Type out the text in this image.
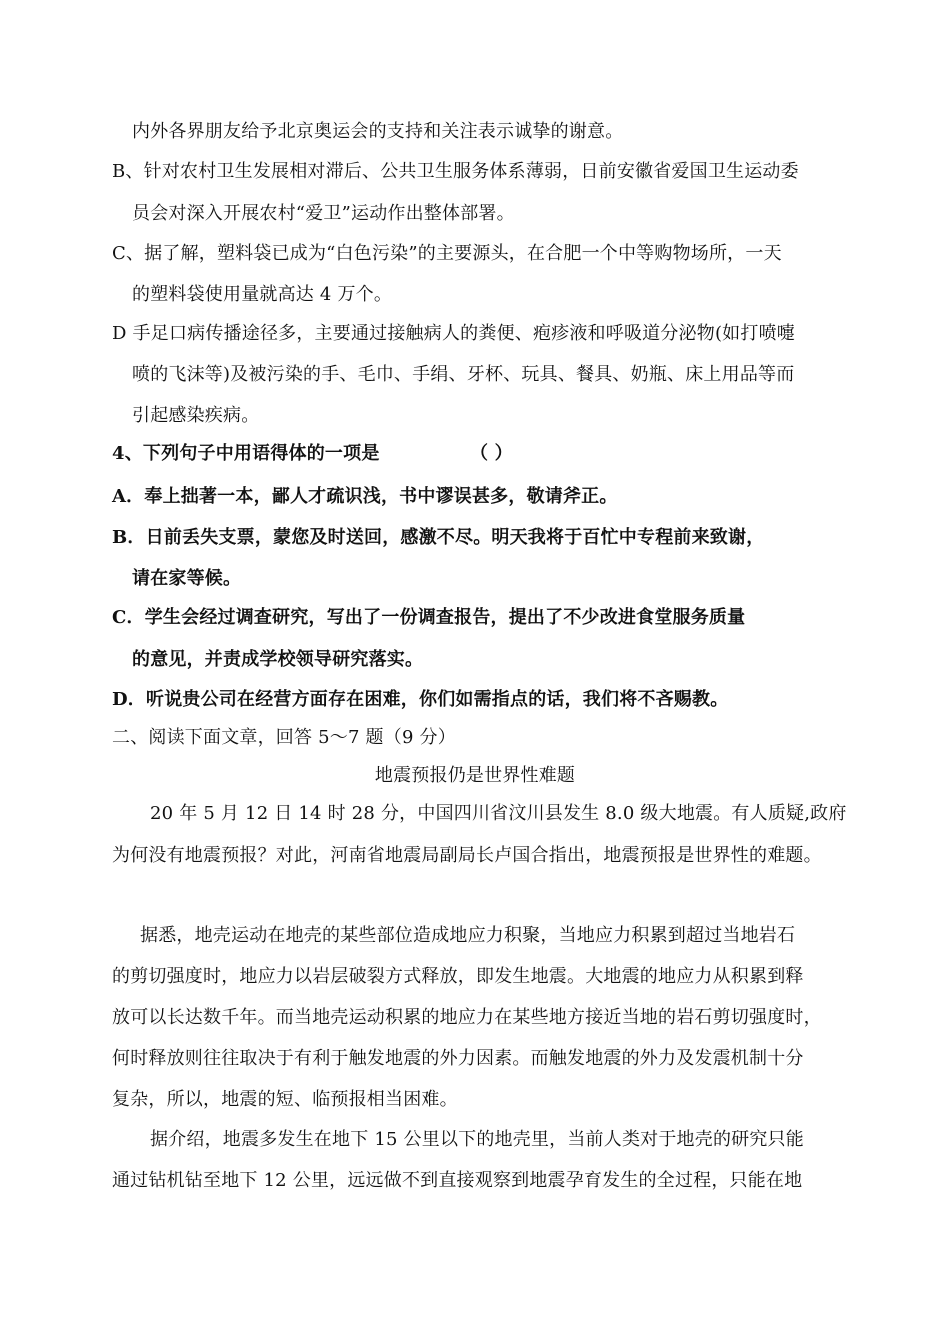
内外各界朋友给予北京奥运会的支持和关注表示诚挚的谢意。
B、针对农村卫生发展相对滞后、公共卫生服务体系薄弱，日前安徽省爱国卫生运动委
员会对深入开展农村“爱卫”运动作出整体部署。
C、据了解，塑料袋已成为“白色污染”的主要源头，在合肥一个中等购物场所，一天
的塑料袋使用量就高达 4 万个。
D 手足口病传播途径多，主要通过接触病人的粪便、疱疹液和呼吸道分泌物(如打喷嚏
喷的飞沫等)及被污染的手、毛巾、手绢、牙杯、玩具、餐具、奶瓶、床上用品等而
引起感染疾病。
4、下列句子中用语得体的一项是	（ ）
A．奉上拙著一本，鄙人才疏识浅，书中谬误甚多，敬请斧正。
B．日前丢失支票，蒙您及时送回，感激不尽。明天我将于百忙中专程前来致谢，
请在家等候。
C．学生会经过调查研究，写出了一份调查报告，提出了不少改进食堂服务质量
的意见，并责成学校领导研究落实。
D．听说贵公司在经营方面存在困难，你们如需指点的话，我们将不吝赐教。
二、阅读下面文章，回答 5～7 题（9 分）
地震预报仍是世界性难题
20 年 5 月 12 日 14 时 28 分，中国四川省汶川县发生 8.0 级大地震。有人质疑,政府
为何没有地震预报？对此，河南省地震局副局长卢国合指出，地震预报是世界性的难题。
据悉，地壳运动在地壳的某些部位造成地应力积聚，当地应力积累到超过当地岩石
的剪切强度时，地应力以岩层破裂方式释放，即发生地震。大地震的地应力从积累到释
放可以长达数千年。而当地壳运动积累的地应力在某些地方接近当地的岩石剪切强度时，
何时释放则往往取决于有利于触发地震的外力因素。而触发地震的外力及发震机制十分
复杂，所以，地震的短、临预报相当困难。
据介绍，地震多发生在地下 15 公里以下的地壳里，当前人类对于地壳的研究只能
通过钻机钻至地下 12 公里，远远做不到直接观察到地震孕育发生的全过程，只能在地
